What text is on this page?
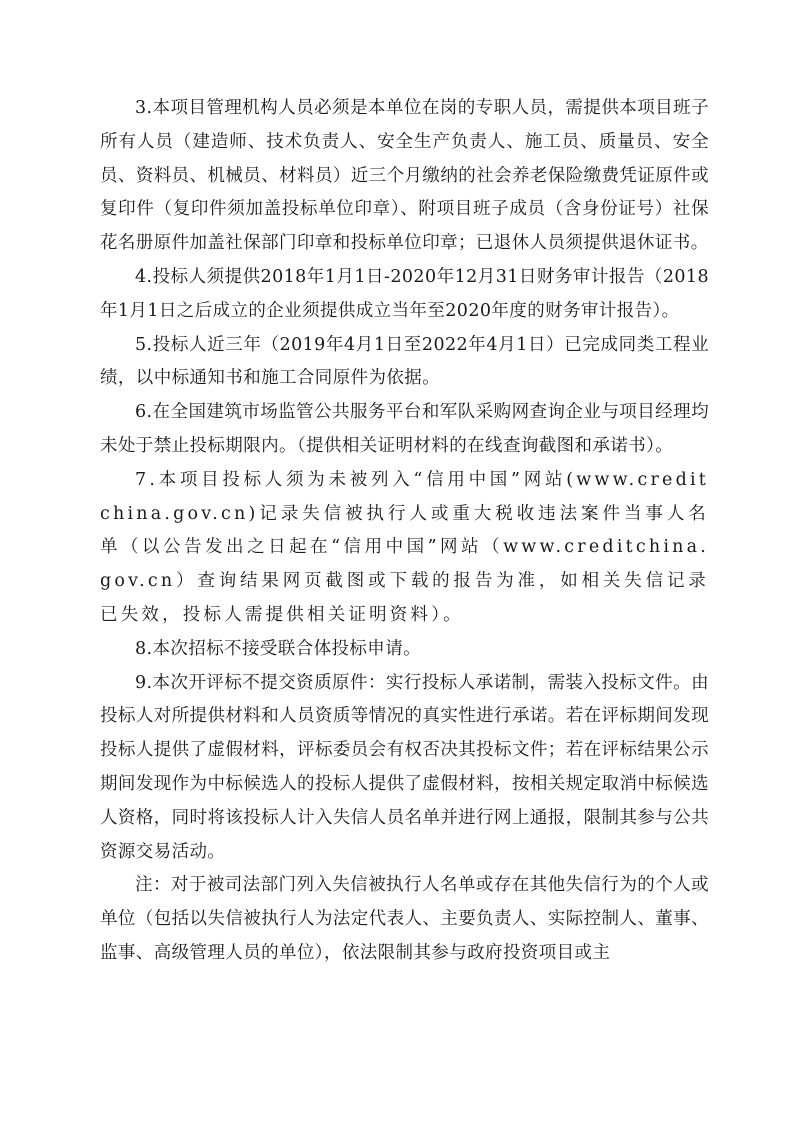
3.本项目管理机构人员必须是本单位在岗的专职人员，需提供本项目班子所有人员（建造师、技术负责人、安全生产负责人、施工员、质量员、安全员、资料员、机械员、材料员）近三个月缴纳的社会养老保险缴费凭证原件或复印件（复印件须加盖投标单位印章）、附项目班子成员（含身份证号）社保花名册原件加盖社保部门印章和投标单位印章；已退休人员须提供退休证书。

4.投标人须提供2018年1月1日-2020年12月31日财务审计报告（2018年1月1日之后成立的企业须提供成立当年至2020年度的财务审计报告）。

5.投标人近三年（2019年4月1日至2022年4月1日）已完成同类工程业绩，以中标通知书和施工合同原件为依据。

6.在全国建筑市场监管公共服务平台和军队采购网查询企业与项目经理均未处于禁止投标期限内。（提供相关证明材料的在线查询截图和承诺书）。

7.本项目投标人须为未被列入“信用中国”网站(www.creditchina.gov.cn)记录失信被执行人或重大税收违法案件当事人名单（以公告发出之日起在“信用中国”网站（www.creditchina.gov.cn）查询结果网页截图或下载的报告为准，如相关失信记录已失效，投标人需提供相关证明资料）。

8.本次招标不接受联合体投标申请。

9.本次开评标不提交资质原件：实行投标人承诺制，需装入投标文件。由投标人对所提供材料和人员资质等情况的真实性进行承诺。若在评标期间发现投标人提供了虚假材料，评标委员会有权否决其投标文件；若在评标结果公示期间发现作为中标候选人的投标人提供了虚假材料，按相关规定取消中标候选人资格，同时将该投标人计入失信人员名单并进行网上通报，限制其参与公共资源交易活动。

注：对于被司法部门列入失信被执行人名单或存在其他失信行为的个人或单位（包括以失信被执行人为法定代表人、主要负责人、实际控制人、董事、监事、高级管理人员的单位），依法限制其参与政府投资项目或主
